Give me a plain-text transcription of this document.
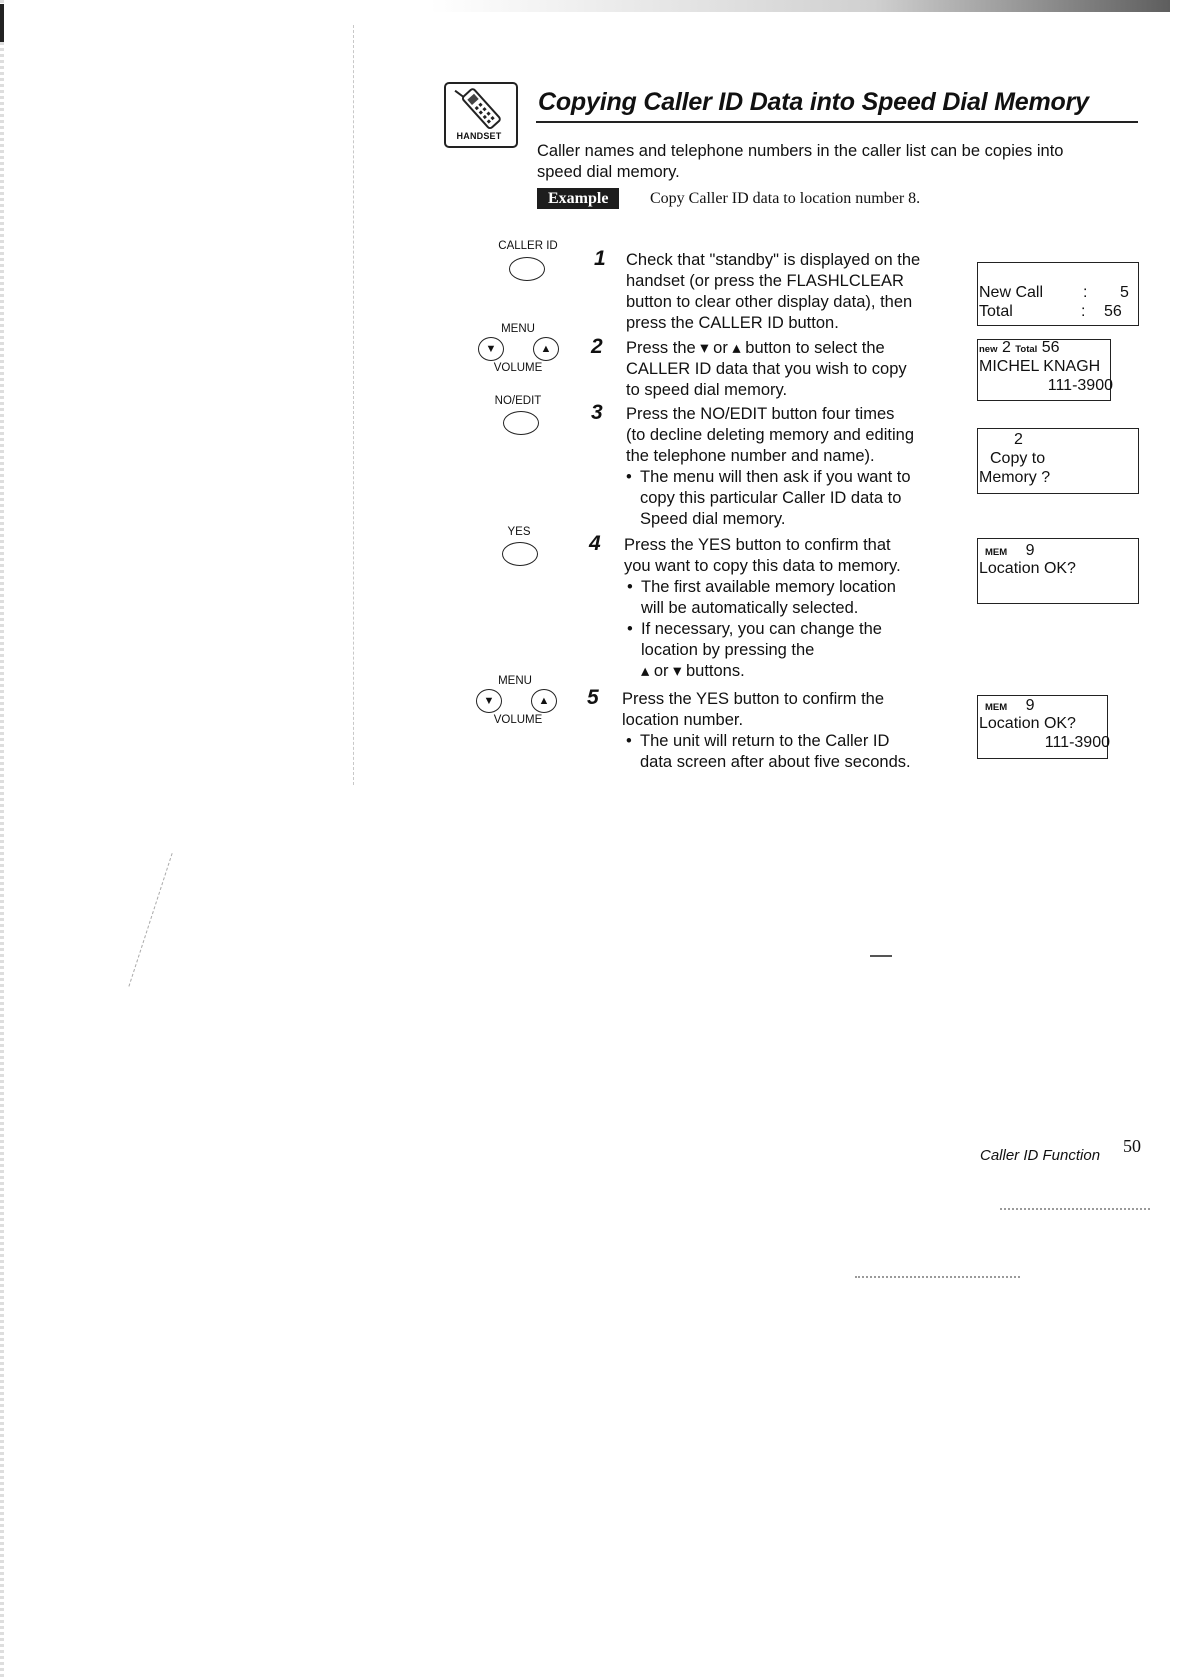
HANDSET
Copying Caller ID Data into Speed Dial Memory
Caller names and telephone numbers in the caller list can be copies into
speed dial memory.
Example	Copy Caller ID data to location number 8.
CALLER ID
MENU
▼	▲
VOLUME
NO/EDIT
YES
MENU
▼	▲
VOLUME
1
2
3
4
5
Check that "standby" is displayed on the
handset (or press the FLASHLCLEAR
button to clear other display data), then
press the CALLER ID button.
Press the ▾ or ▴ button to select the
CALLER ID data that you wish to copy
to speed dial memory.
Press the NO/EDIT button four times
(to decline deleting memory and editing
the telephone number and name).
• The menu will then ask if you want to
copy this particular Caller ID data to
Speed dial memory.
Press the YES button to confirm that
you want to copy this data to memory.
• The first available memory location
will be automatically selected.
• If necessary, you can change the
location by pressing the
▴ or ▾ buttons.
Press the YES button to confirm the
location number.
• The unit will return to the Caller ID
data screen after about five seconds.
New Call : 5
Total	: 56
new 2 Total 56
MICHEL KNAGH
111-3900
2
Copy to
Memory ?
MEM 9
Location OK?
MEM 9
Location OK?
111-3900
Caller ID Function 50
